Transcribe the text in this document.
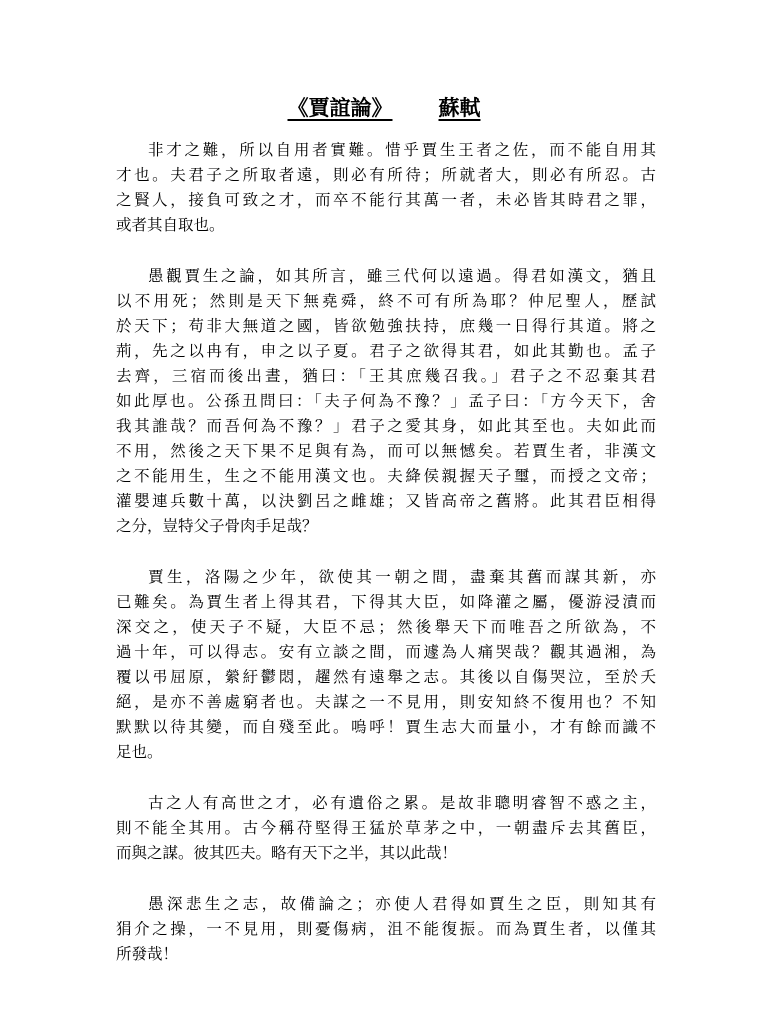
《賈誼論》 蘇軾
非才之難，所以自用者實難。惜乎賈生王者之佐，而不能自用其
才也。夫君子之所取者遠，則必有所待；所就者大，則必有所忍。古
之賢人，接負可致之才，而卒不能行其萬一者，未必皆其時君之罪，
或者其自取也。
愚觀賈生之論，如其所言，雖三代何以遠過。得君如漢文，猶且
以不用死；然則是天下無堯舜，終不可有所為耶？仲尼聖人，歷試
於天下；苟非大無道之國，皆欲勉強扶持，庶幾一日得行其道。將之
荊，先之以冉有，申之以子夏。君子之欲得其君，如此其勤也。孟子
去齊，三宿而後出晝，猶曰：「王其庶幾召我。」君子之不忍棄其君
如此厚也。公孫丑問曰：「夫子何為不豫？」孟子曰：「方今天下，舍
我其誰哉？而吾何為不豫？」君子之愛其身，如此其至也。夫如此而
不用，然後之天下果不足與有為，而可以無憾矣。若賈生者，非漢文
之不能用生，生之不能用漢文也。夫絳侯親握天子璽，而授之文帝；
灌嬰連兵數十萬，以決劉呂之雌雄；又皆高帝之舊將。此其君臣相得
之分，豈特父子骨肉手足哉？
賈生，洛陽之少年，欲使其一朝之間，盡棄其舊而謀其新，亦
已難矣。為賈生者上得其君，下得其大臣，如降灌之屬，優游浸漬而
深交之，使天子不疑，大臣不忌；然後舉天下而唯吾之所欲為，不
過十年，可以得志。安有立談之間，而遽為人痛哭哉？觀其過湘，為
覆以弔屈原，縈紆鬱悶，趯然有遠舉之志。其後以自傷哭泣，至於夭
絕，是亦不善處窮者也。夫謀之一不見用，則安知終不復用也？不知
默默以待其變，而自殘至此。嗚呼！賈生志大而量小，才有餘而識不
足也。
古之人有高世之才，必有遺俗之累。是故非聰明睿智不惑之主，
則不能全其用。古今稱苻堅得王猛於草茅之中，一朝盡斥去其舊臣，
而與之謀。彼其匹夫。略有天下之半，其以此哉！
愚深悲生之志，故備論之；亦使人君得如賈生之臣，則知其有
狷介之操，一不見用，則憂傷病，沮不能復振。而為賈生者，以僅其
所發哉！
